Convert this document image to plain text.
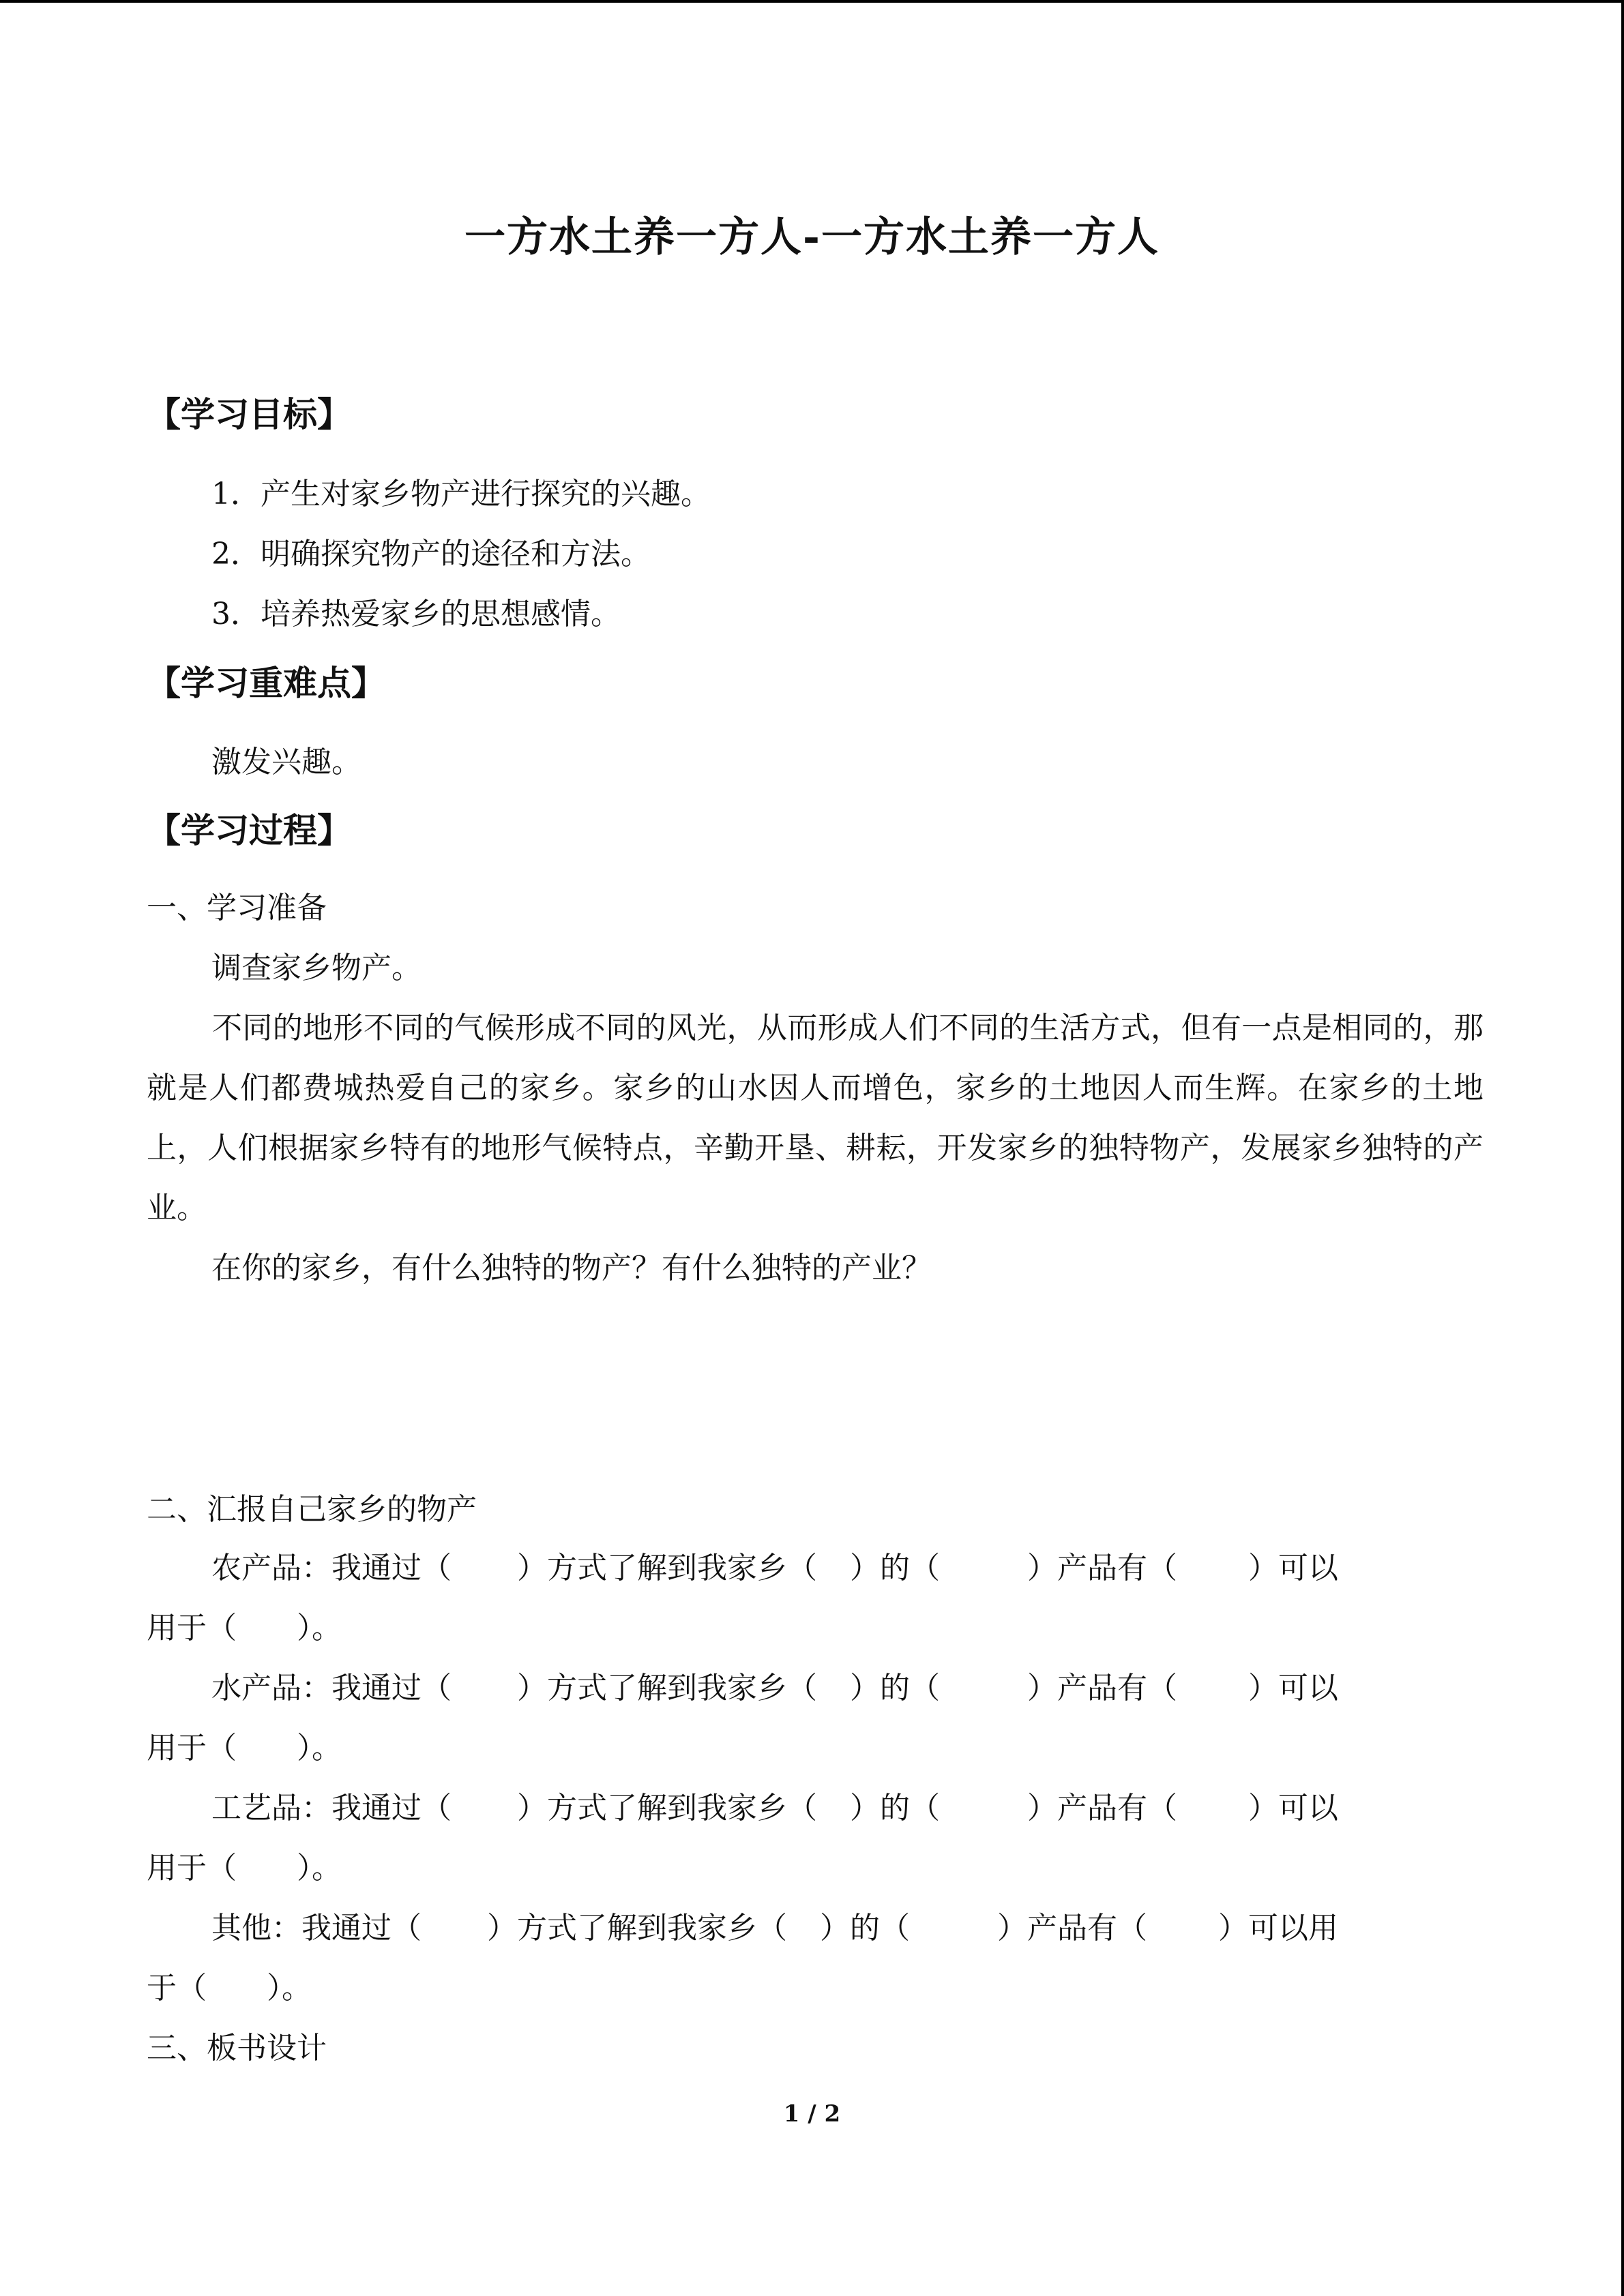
一方水土养一方人-一方水土养一方人
【学习目标】
1．产生对家乡物产进行探究的兴趣。
2．明确探究物产的途径和方法。
3．培养热爱家乡的思想感情。
【学习重难点】
激发兴趣。
【学习过程】
一、学习准备
调查家乡物产。
不同的地形不同的气候形成不同的风光，从而形成人们不同的生活方式，但有一点是相同的，那就是人们都费城热爱自己的家乡。家乡的山水因人而增色，家乡的土地因人而生辉。在家乡的土地上，人们根据家乡特有的地形气候特点，辛勤开垦、耕耘，开发家乡的独特物产，发展家乡独特的产业。
在你的家乡，有什么独特的物产？有什么独特的产业？
二、汇报自己家乡的物产
农产品：我通过（ ）方式了解到我家乡（ ）的（	）产品有（ ）可以
用于（　　）。
水产品：我通过（ ）方式了解到我家乡（ ）的（	）产品有（ ）可以
用于（　　）。
工艺品：我通过（ ）方式了解到我家乡（ ）的（	）产品有（ ）可以
用于（　　）。
其他：我通过（ ）方式了解到我家乡（ ）的（	）产品有（ ）可以用
于（　　）。
三、板书设计
1 / 2
